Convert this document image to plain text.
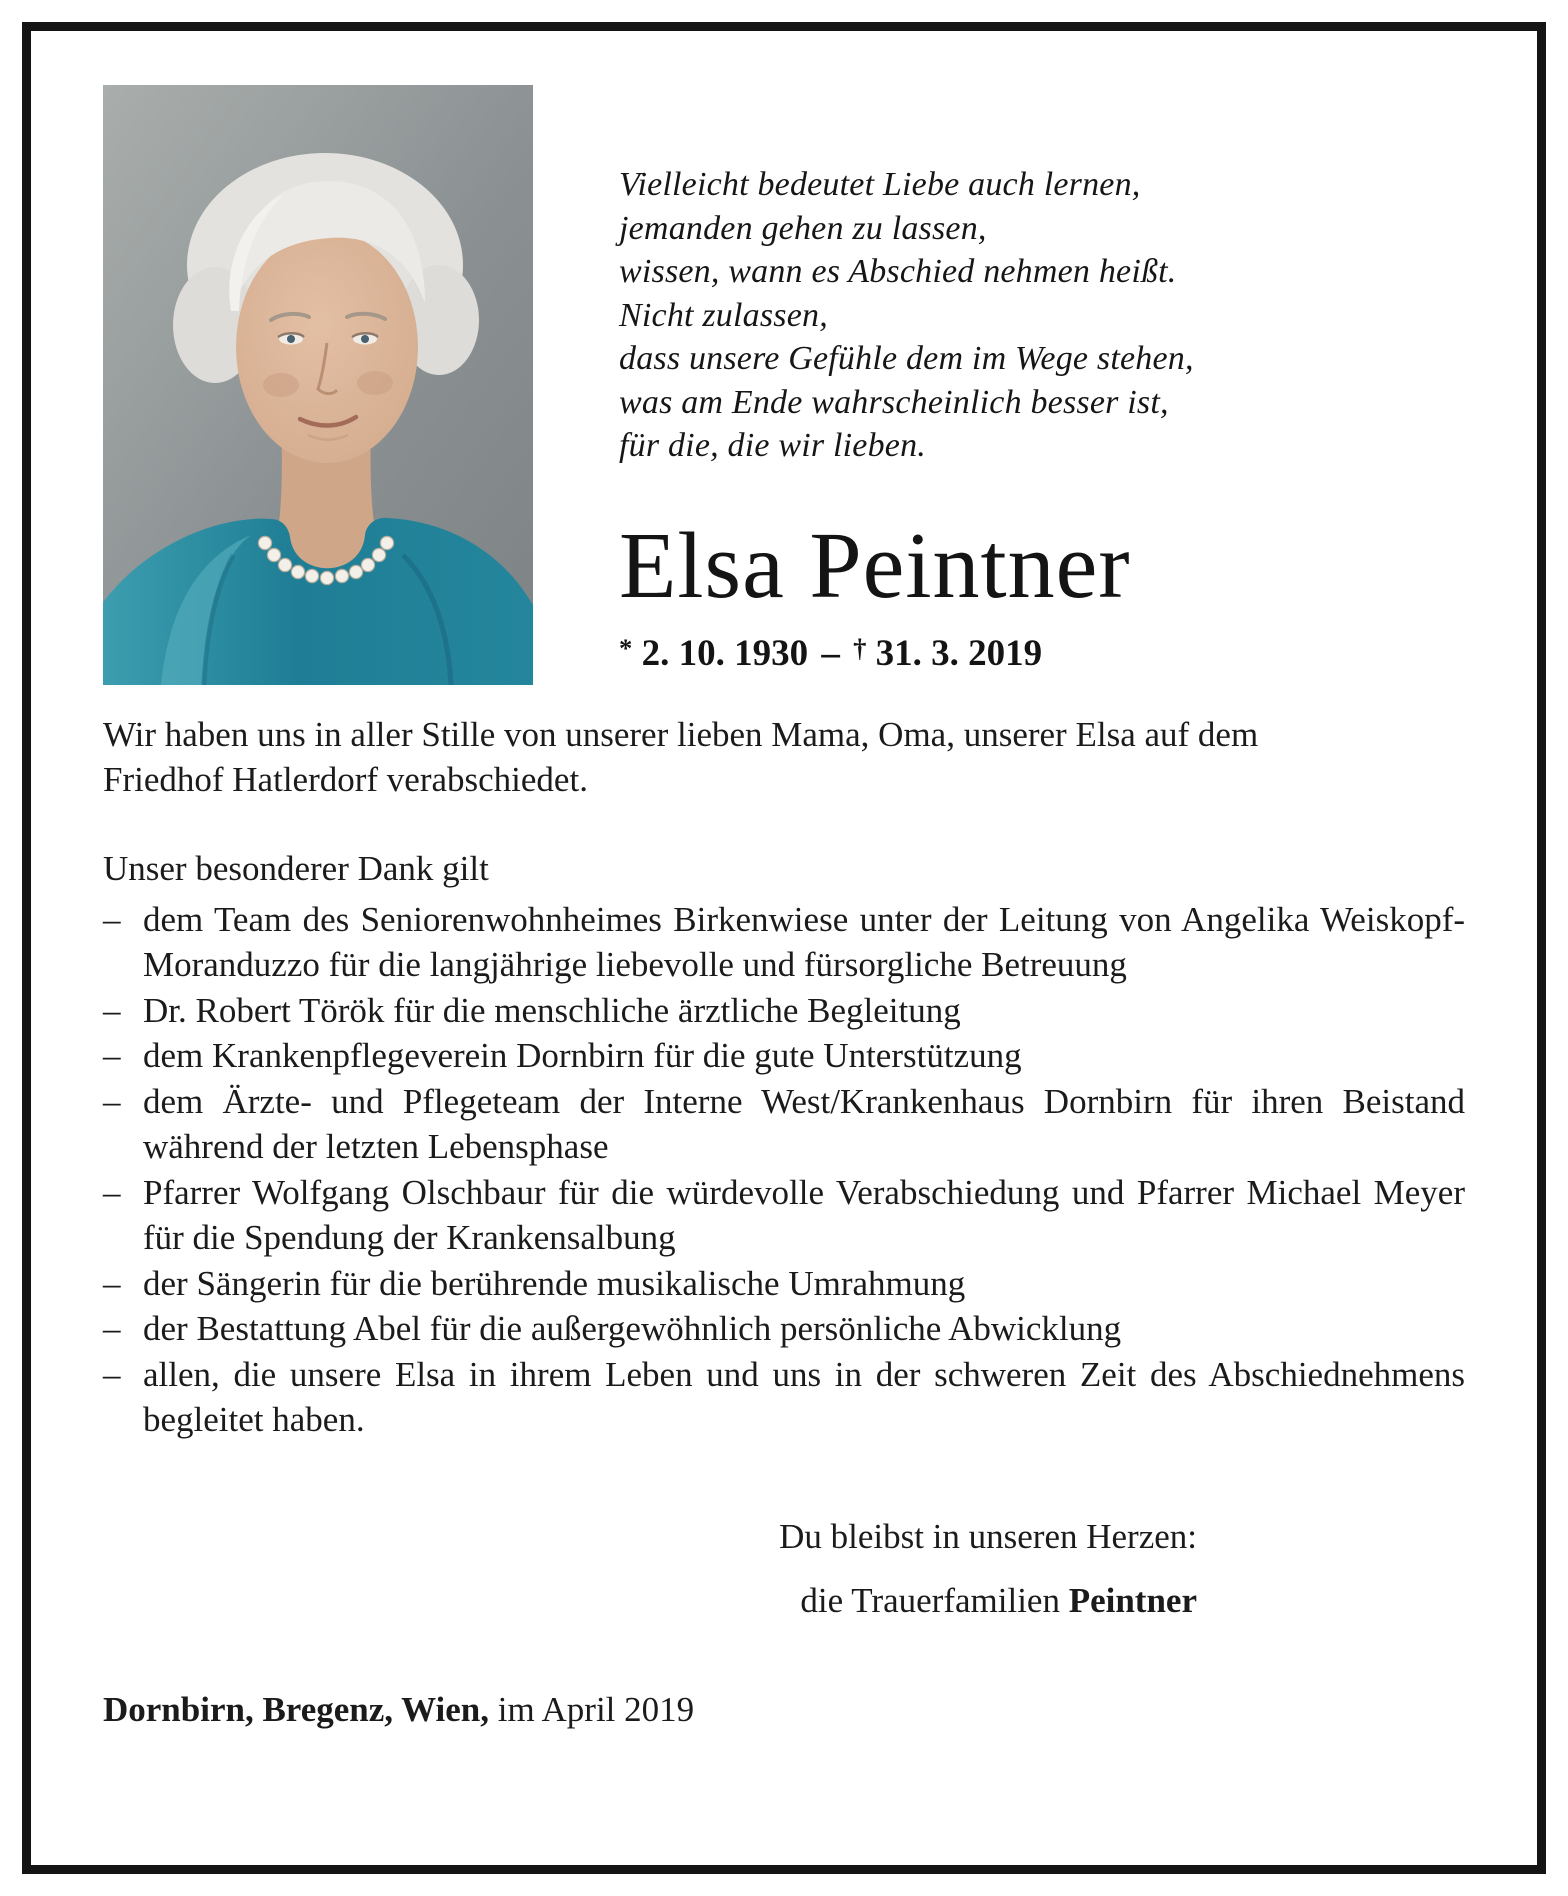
Vielleicht bedeutet Liebe auch lernen,
jemanden gehen zu lassen,
wissen, wann es Abschied nehmen heißt.
Nicht zulassen,
dass unsere Gefühle dem im Wege stehen,
was am Ende wahrscheinlich besser ist,
für die, die wir lieben.
Elsa Peintner
* 2. 10. 1930 – † 31. 3. 2019

Wir haben uns in aller Stille von unserer lieben Mama, Oma, unserer Elsa auf dem Friedhof Hatlerdorf verabschiedet.

Unser besonderer Dank gilt

– dem Team des Seniorenwohnheimes Birkenwiese unter der Leitung von Angelika Weiskopf-Moranduzzo für die langjährige liebevolle und fürsorgliche Betreuung
– Dr. Robert Török für die menschliche ärztliche Begleitung
– dem Krankenpflegeverein Dornbirn für die gute Unterstützung
– dem Ärzte- und Pflegeteam der Interne West/Krankenhaus Dornbirn für ihren Beistand während der letzten Lebensphase
– Pfarrer Wolfgang Olschbaur für die würdevolle Verabschiedung und Pfarrer Michael Meyer für die Spendung der Krankensalbung
– der Sängerin für die berührende musikalische Umrahmung
– der Bestattung Abel für die außergewöhnlich persönliche Abwicklung
– allen, die unsere Elsa in ihrem Leben und uns in der schweren Zeit des Abschiednehmens begleitet haben.
Du bleibst in unseren Herzen:
die Trauerfamilien Peintner
Dornbirn, Bregenz, Wien, im April 2019
